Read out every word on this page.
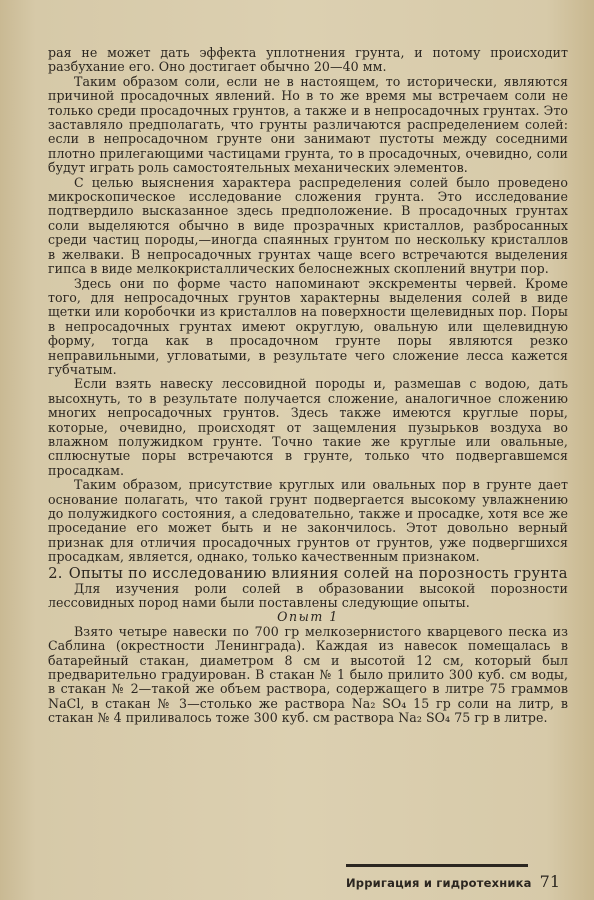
рая не может дать эффекта уплотнения грунта, и потому происходит разбухание его. Оно достигает обычно 20—40 мм.

Таким образом соли, если не в настоящем, то исторически, являются причиной просадочных явлений. Но в то же время мы встречаем соли не только среди просадочных грунтов, а также и в непросадочных грунтах. Это заставляло предполагать, что грунты различаются распределением солей: если в непросадочном грунте они занимают пустоты между соседними плотно прилегающими частицами грунта, то в просадочных, очевидно, соли будут играть роль самостоятельных механических элементов.

С целью выяснения характера распределения солей было проведено микроскопическое исследование сложения грунта. Это исследование подтвердило высказанное здесь предположение. В просадочных грунтах соли выделяются обычно в виде прозрачных кристаллов, разбросанных среди частиц породы,—иногда спаянных грунтом по нескольку кристаллов в желваки. В непросадочных грунтах чаще всего встречаются выделения гипса в виде мелкокристаллических белоснежных скоплений внутри пор.

Здесь они по форме часто напоминают экскременты червей. Кроме того, для непросадочных грунтов характерны выделения солей в виде щетки или коробочки из кристаллов на поверхности щелевидных пор. Поры в непросадочных грунтах имеют округлую, овальную или щелевидную форму, тогда как в просадочном грунте поры являются резко неправильными, угловатыми, в результате чего сложение лесса кажется губчатым.

Если взять навеску лессовидной породы и, размешав с водою, дать высохнуть, то в результате получается сложение, аналогичное сложению многих непросадочных грунтов. Здесь также имеются круглые поры, которые, очевидно, происходят от защемления пузырьков воздуха во влажном полужидком грунте. Точно такие же круглые или овальные, сплюснутые поры встречаются в грунте, только что подвергавшемся просадкам.

Таким образом, присутствие круглых или овальных пор в грунте дает основание полагать, что такой грунт подвергается высокому увлажнению до полужидкого состояния, а следовательно, также и просадке, хотя все же проседание его может быть и не закончилось. Этот довольно верный признак для отличия просадочных грунтов от грунтов, уже подвергшихся просадкам, является, однако, только качественным признаком.

2. Опыты по исследованию влияния солей на порозность грунта

Для изучения роли солей в образовании высокой порозности лессовидных пород нами были поставлены следующие опыты.

Опыт 1

Взято четыре навески по 700 гр мелкозернистого кварцевого песка из Саблина (окрестности Ленинграда). Каждая из навесок помещалась в батарейный стакан, диаметром 8 см и высотой 12 см, который был предварительно градуирован. В стакан № 1 было прилито 300 куб. см воды, в стакан № 2—такой же объем раствора, содержащего в литре 75 граммов NaCl, в стакан № 3—столько же раствора Na₂ SO₄ 15 гр соли на литр, в стакан № 4 приливалось тоже 300 куб. см раствора Na₂ SO₄ 75 гр в литре.

Ирригация и гидротехника 71
